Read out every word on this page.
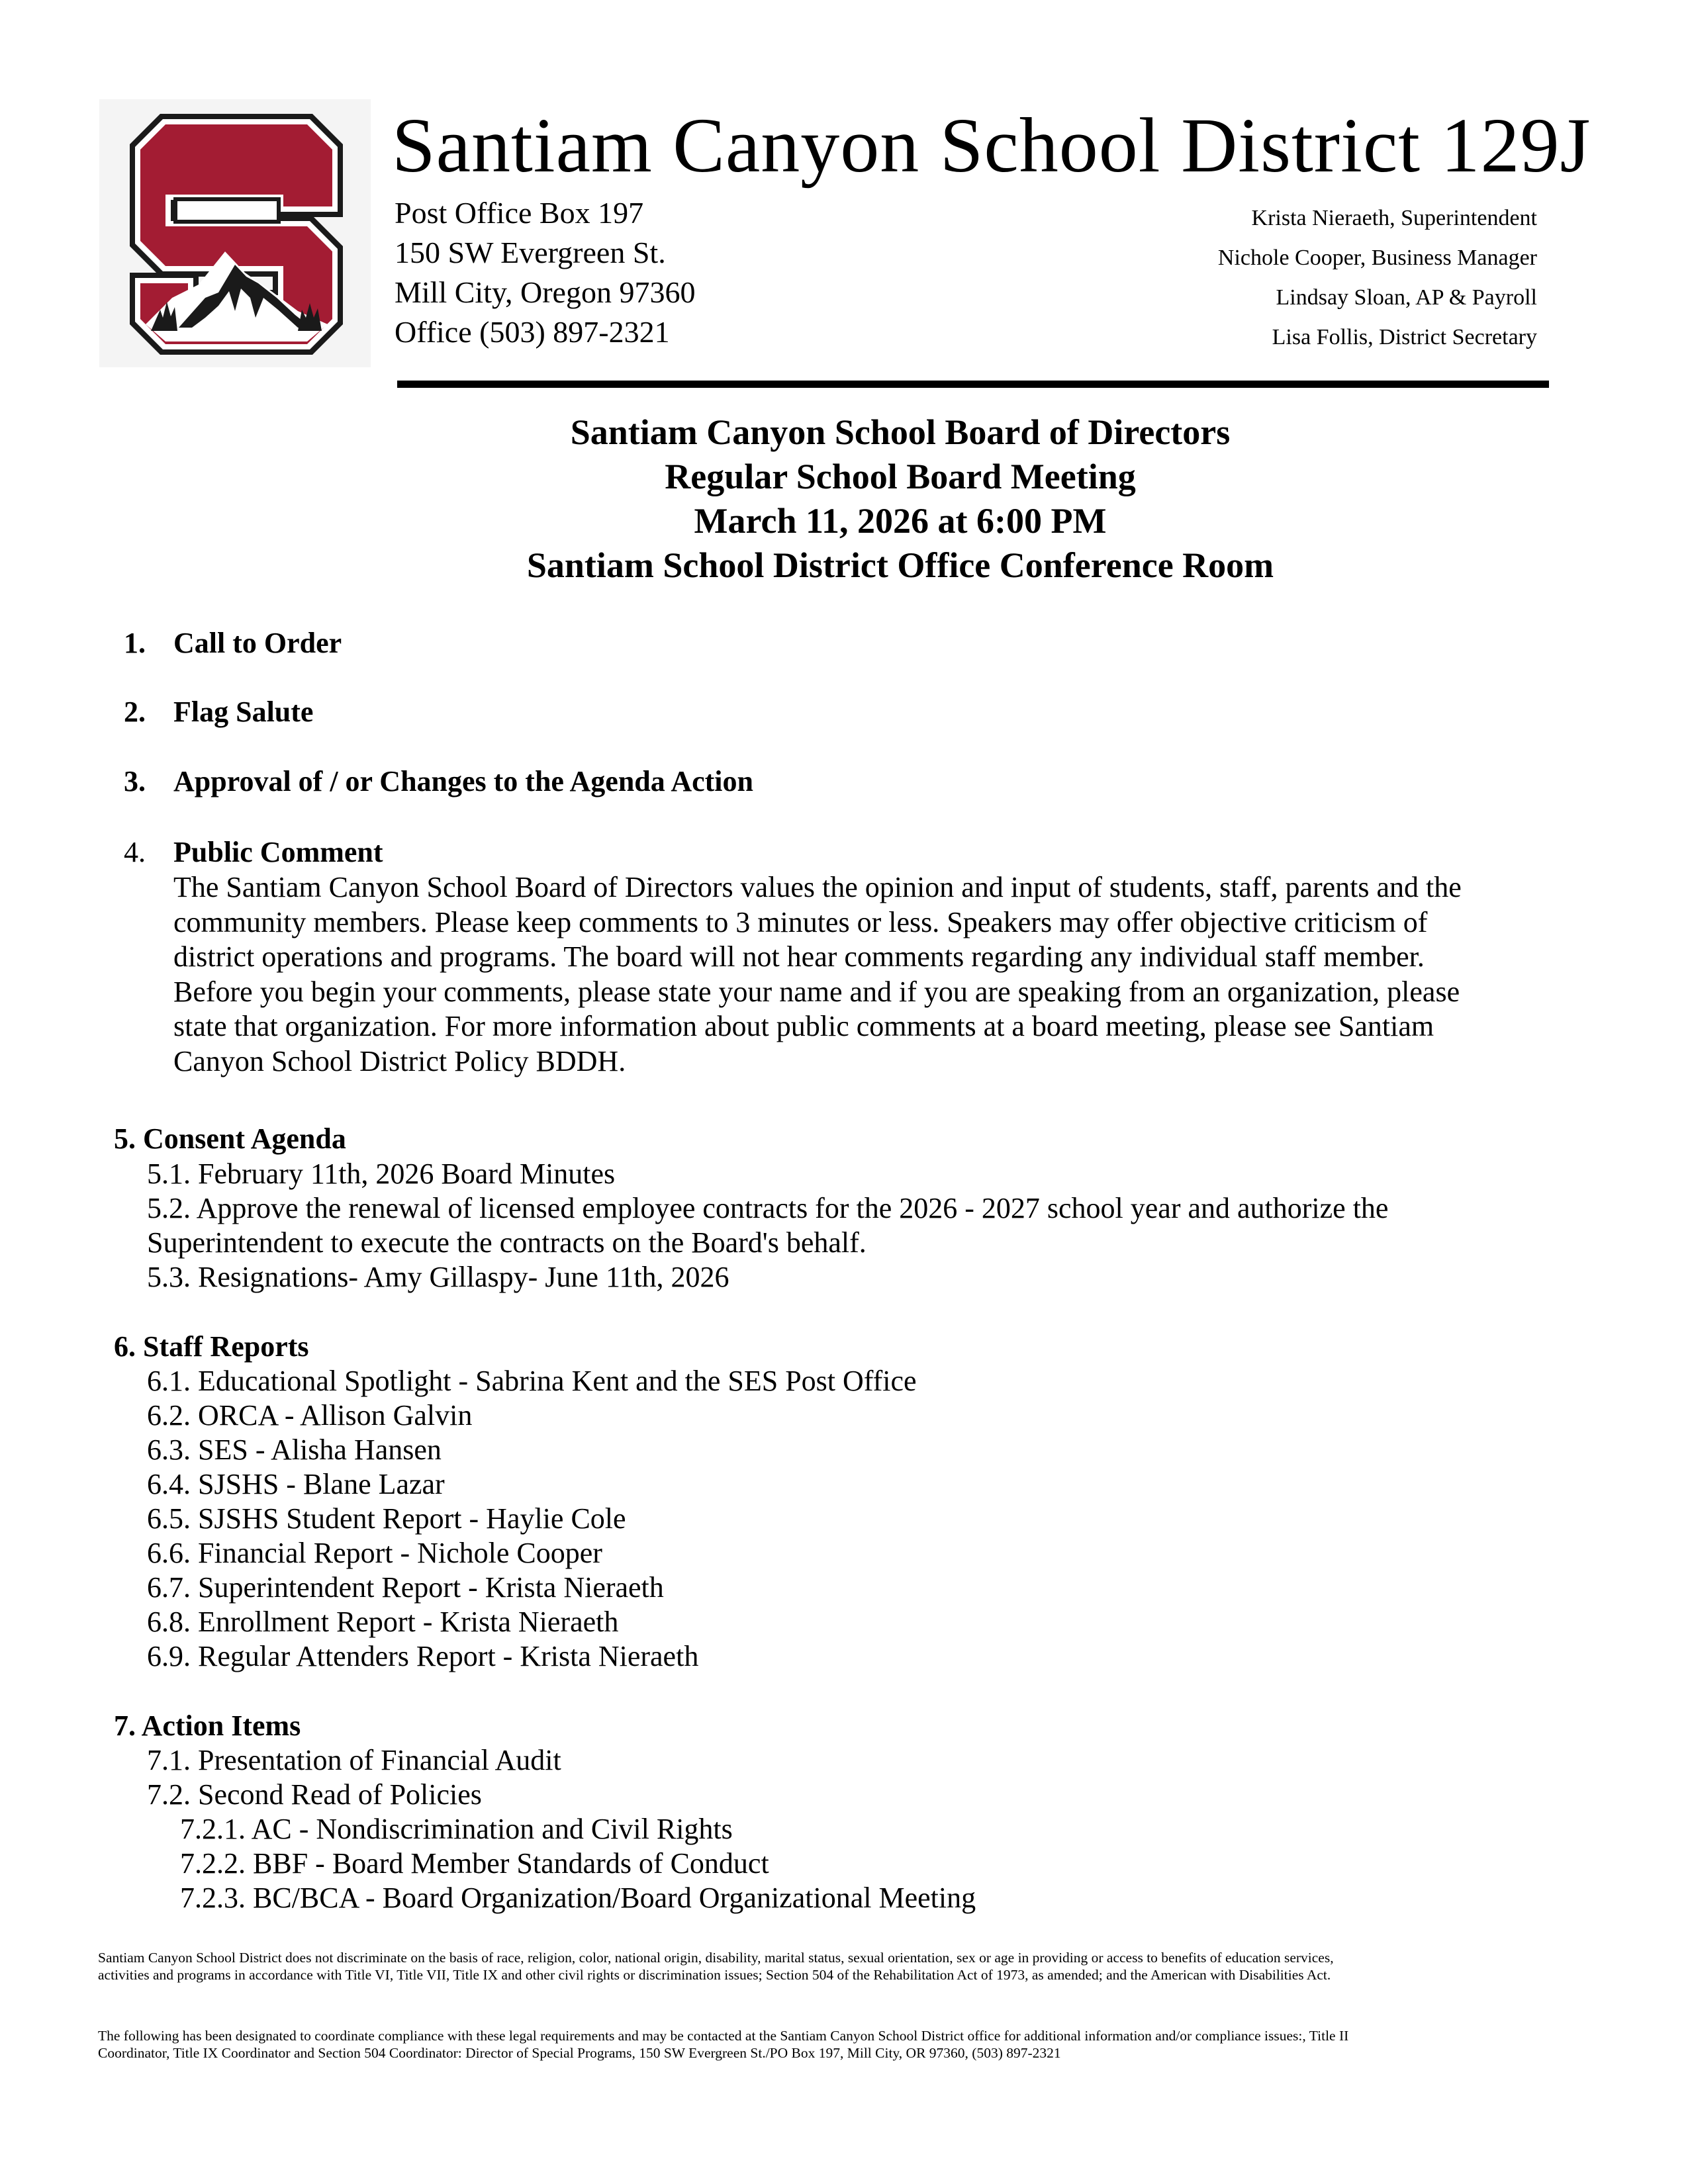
Santiam Canyon School District 129J
Post Office Box 197
150 SW Evergreen St.
Mill City, Oregon 97360
Office (503) 897-2321
Krista Nieraeth, Superintendent
Nichole Cooper, Business Manager
Lindsay Sloan, AP & Payroll
Lisa Follis, District Secretary
Santiam Canyon School Board of Directors
Regular School Board Meeting
March 11, 2026 at 6:00 PM
Santiam School District Office Conference Room
1. Call to Order
2. Flag Salute
3. Approval of / or Changes to the Agenda Action
4. Public Comment
The Santiam Canyon School Board of Directors values the opinion and input of students, staff, parents and the
community members. Please keep comments to 3 minutes or less. Speakers may offer objective criticism of
district operations and programs. The board will not hear comments regarding any individual staff member.
Before you begin your comments, please state your name and if you are speaking from an organization, please
state that organization. For more information about public comments at a board meeting, please see Santiam
Canyon School District Policy BDDH.
5. Consent Agenda
5.1. February 11th, 2026 Board Minutes
5.2. Approve the renewal of licensed employee contracts for the 2026 - 2027 school year and authorize the
Superintendent to execute the contracts on the Board's behalf.
5.3. Resignations- Amy Gillaspy- June 11th, 2026
6. Staff Reports
6.1. Educational Spotlight - Sabrina Kent and the SES Post Office
6.2. ORCA - Allison Galvin
6.3. SES - Alisha Hansen
6.4. SJSHS - Blane Lazar
6.5. SJSHS Student Report - Haylie Cole
6.6. Financial Report - Nichole Cooper
6.7. Superintendent Report - Krista Nieraeth
6.8. Enrollment Report - Krista Nieraeth
6.9. Regular Attenders Report - Krista Nieraeth
7. Action Items
7.1. Presentation of Financial Audit
7.2. Second Read of Policies
7.2.1. AC - Nondiscrimination and Civil Rights
7.2.2. BBF - Board Member Standards of Conduct
7.2.3. BC/BCA - Board Organization/Board Organizational Meeting
Santiam Canyon School District does not discriminate on the basis of race, religion, color, national origin, disability, marital status, sexual orientation, sex or age in providing or access to benefits of education services,
activities and programs in accordance with Title VI, Title VII, Title IX and other civil rights or discrimination issues; Section 504 of the Rehabilitation Act of 1973, as amended; and the American with Disabilities Act.
The following has been designated to coordinate compliance with these legal requirements and may be contacted at the Santiam Canyon School District office for additional information and/or compliance issues:, Title II
Coordinator, Title IX Coordinator and Section 504 Coordinator: Director of Special Programs, 150 SW Evergreen St./PO Box 197, Mill City, OR 97360, (503) 897-2321
